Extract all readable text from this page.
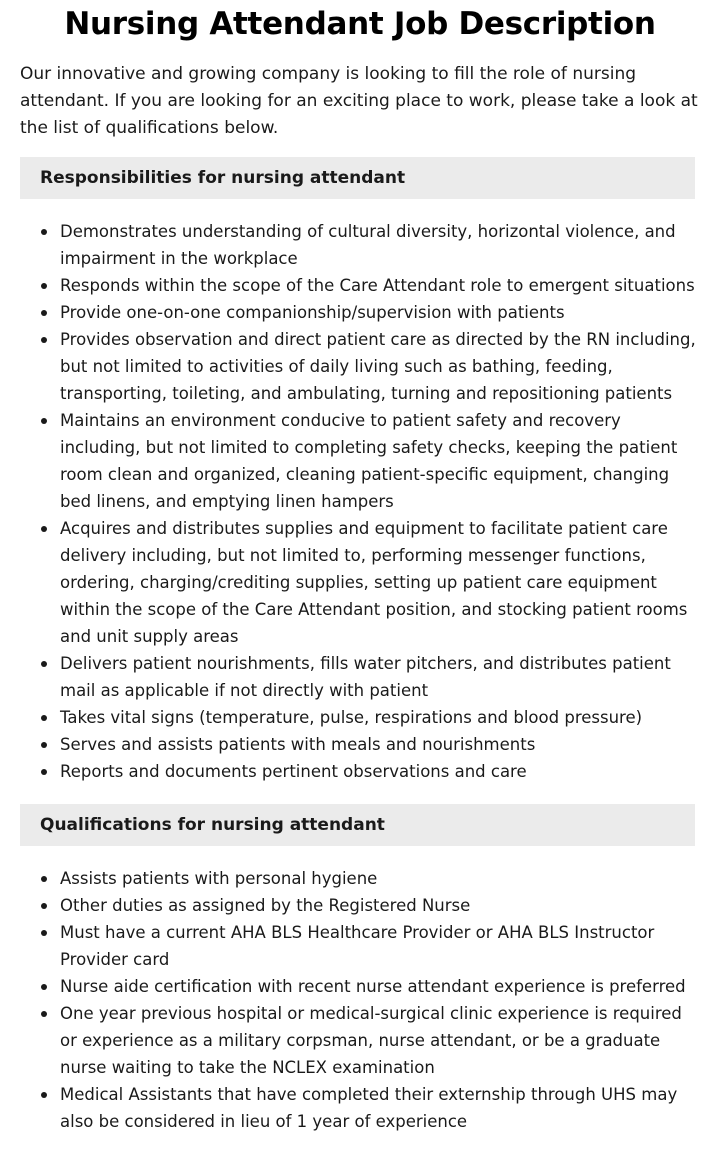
Nursing Attendant Job Description

Our innovative and growing company is looking to fill the role of nursing attendant. If you are looking for an exciting place to work, please take a look at the list of qualifications below.

Responsibilities for nursing attendant
Demonstrates understanding of cultural diversity, horizontal violence, and impairment in the workplace
Responds within the scope of the Care Attendant role to emergent situations
Provide one-on-one companionship/supervision with patients
Provides observation and direct patient care as directed by the RN including, but not limited to activities of daily living such as bathing, feeding, transporting, toileting, and ambulating, turning and repositioning patients
Maintains an environment conducive to patient safety and recovery including, but not limited to completing safety checks, keeping the patient room clean and organized, cleaning patient-specific equipment, changing bed linens, and emptying linen hampers
Acquires and distributes supplies and equipment to facilitate patient care delivery including, but not limited to, performing messenger functions, ordering, charging/crediting supplies, setting up patient care equipment within the scope of the Care Attendant position, and stocking patient rooms and unit supply areas
Delivers patient nourishments, fills water pitchers, and distributes patient mail as applicable if not directly with patient
Takes vital signs (temperature, pulse, respirations and blood pressure)
Serves and assists patients with meals and nourishments
Reports and documents pertinent observations and care
Qualifications for nursing attendant
Assists patients with personal hygiene
Other duties as assigned by the Registered Nurse
Must have a current AHA BLS Healthcare Provider or AHA BLS Instructor Provider card
Nurse aide certification with recent nurse attendant experience is preferred
One year previous hospital or medical-surgical clinic experience is required or experience as a military corpsman, nurse attendant, or be a graduate nurse waiting to take the NCLEX examination
Medical Assistants that have completed their externship through UHS may also be considered in lieu of 1 year of experience
